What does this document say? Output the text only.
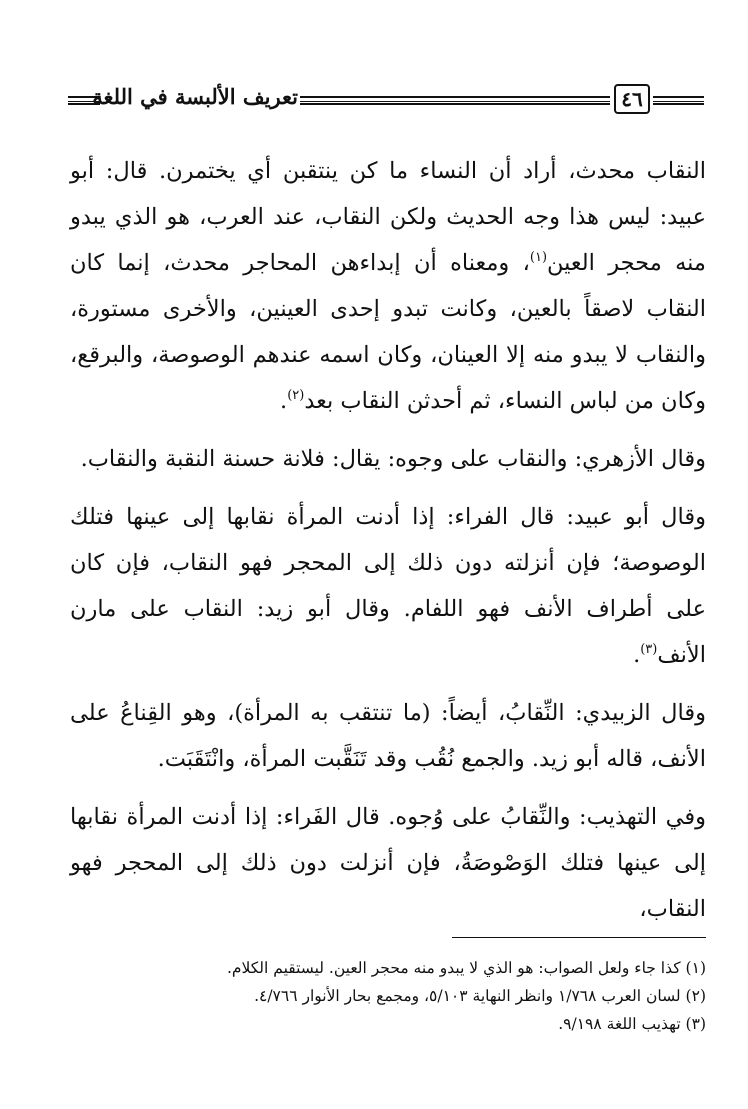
تعريف الألبسة في اللغة	٤٦

النقاب محدث، أراد أن النساء ما كن ينتقبن أي يختمرن. قال: أبو عبيد: ليس هذا وجه الحديث ولكن النقاب، عند العرب، هو الذي يبدو منه محجر العين$^{(١)}$، ومعناه أن إبداءهن المحاجر محدث، إنما كان النقاب لاصقاً بالعين، وكانت تبدو إحدى العينين، والأخرى مستورة، والنقاب لا يبدو منه إلا العينان، وكان اسمه عندهم الوصوصة، والبرقع، وكان من لباس النساء، ثم أحدثن النقاب بعد$^{(٢)}$.

وقال الأزهري: والنقاب على وجوه: يقال: فلانة حسنة النقبة والنقاب.

وقال أبو عبيد: قال الفراء: إذا أدنت المرأة نقابها إلى عينها فتلك الوصوصة؛ فإن أنزلته دون ذلك إلى المحجر فهو النقاب، فإن كان على أطراف الأنف فهو اللفام. وقال أبو زيد: النقاب على مارن الأنف$^{(٣)}$.

وقال الزبيدي: النِّقابُ، أيضاً: (ما تنتقب به المرأة)، وهو القِناعُ على الأنف، قاله أبو زيد. والجمع نُقُب وقد تَنَقَّبت المرأة، وانْتَقَبَت.

وفي التهذيب: والنِّقابُ على وُجوه. قال الفَراء: إذا أدنت المرأة نقابها إلى عينها فتلك الوَصْوصَةُ، فإن أنزلت دون ذلك إلى المحجر فهو النقاب،

(١) كذا جاء ولعل الصواب: هو الذي لا يبدو منه محجر العين. ليستقيم الكلام.

(٢) لسان العرب ١/٧٦٨ وانظر النهاية ٥/١٠٣، ومجمع بحار الأنوار ٤/٧٦٦.

(٣) تهذيب اللغة ٩/١٩٨.
